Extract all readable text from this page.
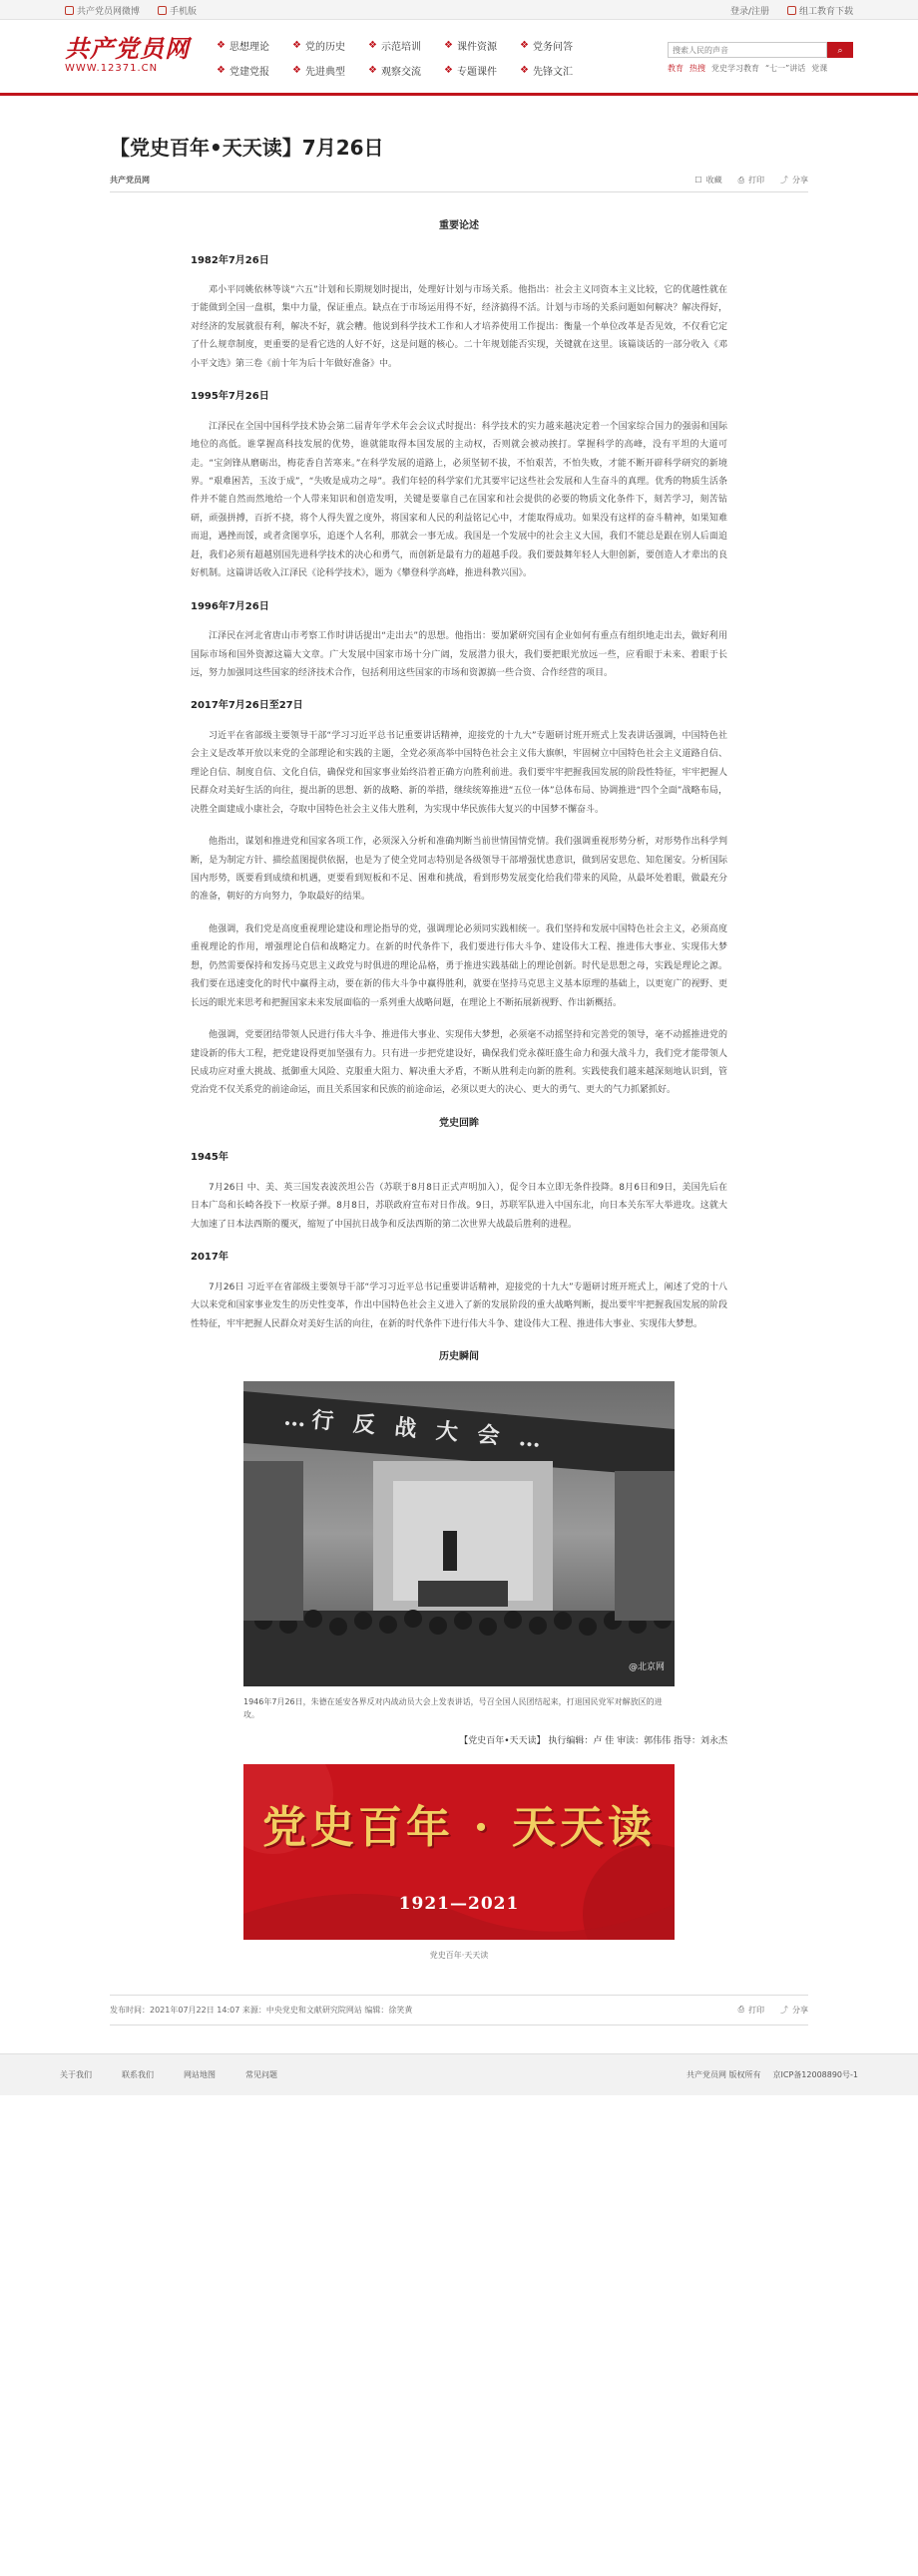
共产党员网微博	手机版	登录/注册	组工教育下载
共产党员网
WWW.12371.CN
❖ 思想理论 ❖ 党的历史 ❖ 示范培训 ❖ 课件资源 ❖ 党务问答
❖ 党建党报 ❖ 先进典型 ❖ 观察交流 ❖ 专题课件 ❖ 先锋文汇
搜索人民的声音
⌕
教育 热搜 党史学习教育 “七一”讲话 党课
【党史百年•天天读】7月26日
共产党员网	☐ 收藏 ⎙ 打印 ⤴ 分享
重要论述
1982年7月26日

邓小平同姚依林等谈“六五”计划和长期规划时提出，处理好计划与市场关系。他指出：社会主义同资本主义比较，它的优越性就在于能做到全国一盘棋，集中力量，保证重点。缺点在于市场运用得不好，经济搞得不活。计划与市场的关系问题如何解决？解决得好，对经济的发展就很有利，解决不好，就会糟。他说到科学技术工作和人才培养使用工作提出：衡量一个单位改革是否见效，不仅看它定了什么规章制度，更重要的是看它选的人好不好，这是问题的核心。二十年规划能否实现，关键就在这里。该篇谈话的一部分收入《邓小平文选》第三卷《前十年为后十年做好准备》中。

1995年7月26日

江泽民在全国中国科学技术协会第二届青年学术年会会议式时提出：科学技术的实力越来越决定着一个国家综合国力的强弱和国际地位的高低。谁掌握高科技发展的优势，谁就能取得本国发展的主动权，否则就会被动挨打。掌握科学的高峰，没有平坦的大道可走。“宝剑锋从磨砺出，梅花香自苦寒来。”在科学发展的道路上，必须坚韧不拔，不怕艰苦，不怕失败，才能不断开辟科学研究的新境界。“艰难困苦，玉汝于成”，“失败是成功之母”。我们年轻的科学家们尤其要牢记这些社会发展和人生奋斗的真理。优秀的物质生活条件并不能自然而然地给一个人带来知识和创造发明，关键是要靠自己在国家和社会提供的必要的物质文化条件下，刻苦学习，刻苦钻研，顽强拼搏，百折不挠，将个人得失置之度外，将国家和人民的利益铭记心中，才能取得成功。如果没有这样的奋斗精神，如果知难而退，遇挫而馁，或者贪图享乐，追逐个人名利，那就会一事无成。我国是一个发展中的社会主义大国，我们不能总是跟在别人后面追赶，我们必须有超越别国先进科学技术的决心和勇气，而创新是最有力的超越手段。我们要鼓舞年轻人大胆创新，要创造人才辈出的良好机制。这篇讲话收入江泽民《论科学技术》，题为《攀登科学高峰，推进科教兴国》。

1996年7月26日

江泽民在河北省唐山市考察工作时讲话提出“走出去”的思想。他指出：要加紧研究国有企业如何有重点有组织地走出去，做好利用国际市场和国外资源这篇大文章。广大发展中国家市场十分广阔，发展潜力很大，我们要把眼光放远一些，应看眼于未来、着眼于长远，努力加强同这些国家的经济技术合作，包括利用这些国家的市场和资源搞一些合资、合作经营的项目。

2017年7月26日至27日

习近平在省部级主要领导干部“学习习近平总书记重要讲话精神，迎接党的十九大”专题研讨班开班式上发表讲话强调，中国特色社会主义是改革开放以来党的全部理论和实践的主题，全党必须高举中国特色社会主义伟大旗帜，牢固树立中国特色社会主义道路自信、理论自信、制度自信、文化自信，确保党和国家事业始终沿着正确方向胜利前进。我们要牢牢把握我国发展的阶段性特征，牢牢把握人民群众对美好生活的向往，提出新的思想、新的战略、新的举措，继续统筹推进“五位一体”总体布局、协调推进“四个全面”战略布局，决胜全面建成小康社会，夺取中国特色社会主义伟大胜利，为实现中华民族伟大复兴的中国梦不懈奋斗。

他指出，谋划和推进党和国家各项工作，必须深入分析和准确判断当前世情国情党情。我们强调重视形势分析，对形势作出科学判断，是为制定方针、描绘蓝图提供依据，也是为了使全党同志特别是各级领导干部增强忧患意识，做到居安思危、知危图安。分析国际国内形势，既要看到成绩和机遇，更要看到短板和不足、困难和挑战，看到形势发展变化给我们带来的风险，从最坏处着眼，做最充分的准备，朝好的方向努力，争取最好的结果。

他强调，我们党是高度重视理论建设和理论指导的党，强调理论必须同实践相统一。我们坚持和发展中国特色社会主义，必须高度重视理论的作用，增强理论自信和战略定力。在新的时代条件下，我们要进行伟大斗争、建设伟大工程、推进伟大事业、实现伟大梦想，仍然需要保持和发扬马克思主义政党与时俱进的理论品格，勇于推进实践基础上的理论创新。时代是思想之母，实践是理论之源。我们要在迅速变化的时代中赢得主动，要在新的伟大斗争中赢得胜利，就要在坚持马克思主义基本原理的基础上，以更宽广的视野、更长远的眼光来思考和把握国家未来发展面临的一系列重大战略问题，在理论上不断拓展新视野、作出新概括。

他强调，党要团结带领人民进行伟大斗争、推进伟大事业、实现伟大梦想，必须毫不动摇坚持和完善党的领导，毫不动摇推进党的建设新的伟大工程，把党建设得更加坚强有力。只有进一步把党建设好，确保我们党永葆旺盛生命力和强大战斗力，我们党才能带领人民成功应对重大挑战、抵御重大风险、克服重大阻力、解决重大矛盾，不断从胜利走向新的胜利。实践使我们越来越深刻地认识到，管党治党不仅关系党的前途命运，而且关系国家和民族的前途命运，必须以更大的决心、更大的勇气、更大的气力抓紧抓好。

党史回眸
1945年

7月26日 中、美、英三国发表波茨坦公告（苏联于8月8日正式声明加入），促令日本立即无条件投降。8月6日和9日，美国先后在日本广岛和长崎各投下一枚原子弹。8月8日，苏联政府宣布对日作战。9日，苏联军队进入中国东北，向日本关东军大举进攻。这就大大加速了日本法西斯的覆灭，缩短了中国抗日战争和反法西斯的第二次世界大战最后胜利的进程。

2017年

7月26日 习近平在省部级主要领导干部“学习习近平总书记重要讲话精神，迎接党的十九大”专题研讨班开班式上，阐述了党的十八大以来党和国家事业发生的历史性变革，作出中国特色社会主义进入了新的发展阶段的重大战略判断，提出要牢牢把握我国发展的阶段性特征，牢牢把握人民群众对美好生活的向往，在新的时代条件下进行伟大斗争、建设伟大工程、推进伟大事业、实现伟大梦想。

历史瞬间
…行 反 战 大 会 …
@北京网

1946年7月26日，朱德在延安各界反对内战动员大会上发表讲话，号召全国人民团结起来，打退国民党军对解放区的进攻。

【党史百年•天天读】 执行编辑：卢 佳 审读：郭伟伟 指导：刘永杰

党史百年 · 天天读
1921—2021

党史百年·天天读

发布时间：2021年07月22日 14:07 来源：中央党史和文献研究院网站 编辑：徐笑黄	⎙ 打印 ⤴ 分享
关于我们	联系我们	网站地图	常见问题	共产党员网 版权所有 京ICP备12008890号-1
